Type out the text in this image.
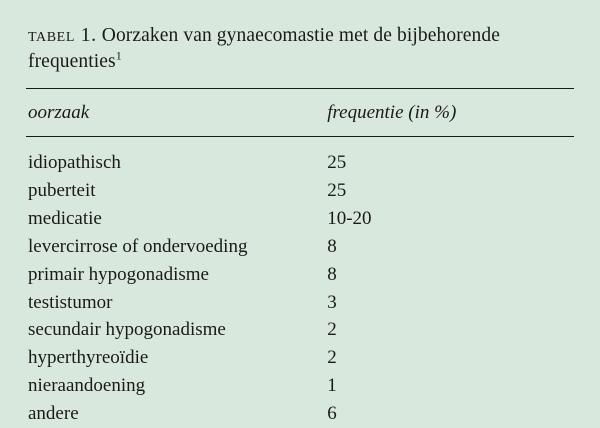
tabel 1. Oorzaken van gynaecomastie met de bijbehorende frequenties$^1$
oorzaak	frequentie (in %)
idiopathisch	25
puberteit	25
medicatie	10-20
levercirrose of ondervoeding	8
primair hypogonadisme	8
testistumor	3
secundair hypogonadisme	2
hyperthyreoïdie	2
nieraandoening	1
andere	6
